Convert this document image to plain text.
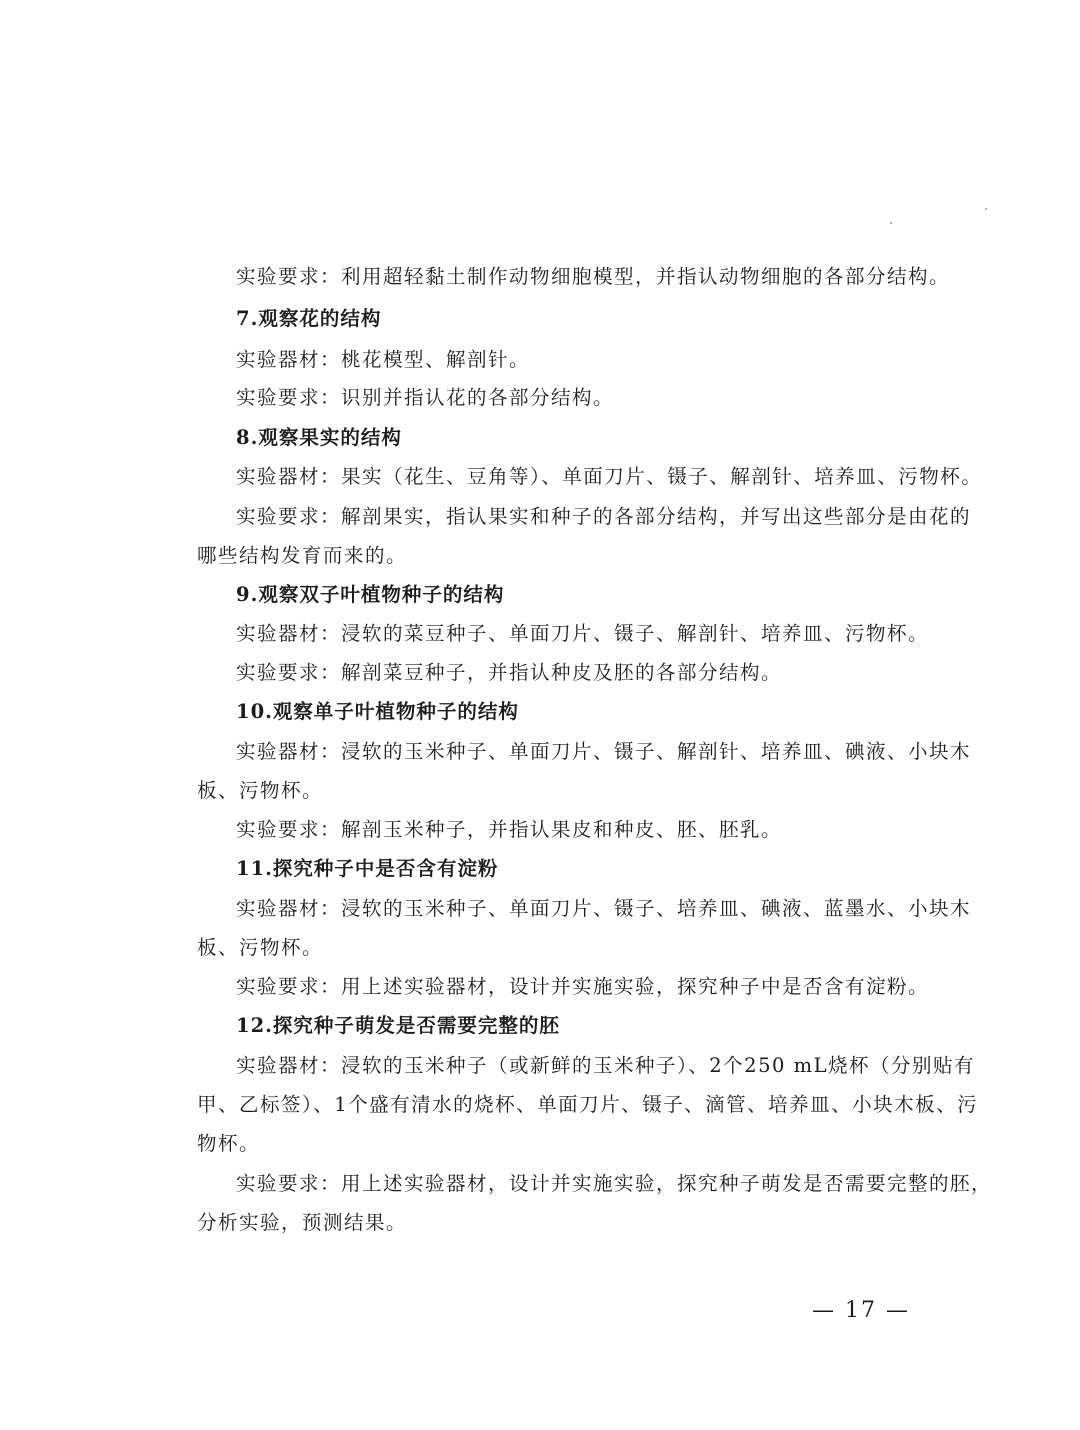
实验要求：利用超轻黏土制作动物细胞模型，并指认动物细胞的各部分结构。
7.观察花的结构
实验器材：桃花模型、解剖针。
实验要求：识别并指认花的各部分结构。
8.观察果实的结构
实验器材：果实（花生、豆角等）、单面刀片、镊子、解剖针、培养皿、污物杯。
实验要求：解剖果实，指认果实和种子的各部分结构，并写出这些部分是由花的
哪些结构发育而来的。
9.观察双子叶植物种子的结构
实验器材：浸软的菜豆种子、单面刀片、镊子、解剖针、培养皿、污物杯。
实验要求：解剖菜豆种子，并指认种皮及胚的各部分结构。
10.观察单子叶植物种子的结构
实验器材：浸软的玉米种子、单面刀片、镊子、解剖针、培养皿、碘液、小块木
板、污物杯。
实验要求：解剖玉米种子，并指认果皮和种皮、胚、胚乳。
11.探究种子中是否含有淀粉
实验器材：浸软的玉米种子、单面刀片、镊子、培养皿、碘液、蓝墨水、小块木
板、污物杯。
实验要求：用上述实验器材，设计并实施实验，探究种子中是否含有淀粉。
12.探究种子萌发是否需要完整的胚
实验器材：浸软的玉米种子（或新鲜的玉米种子）、2个250 mL烧杯（分别贴有
甲、乙标签）、1个盛有清水的烧杯、单面刀片、镊子、滴管、培养皿、小块木板、污
物杯。
实验要求：用上述实验器材，设计并实施实验，探究种子萌发是否需要完整的胚，
分析实验，预测结果。
— 17 —
